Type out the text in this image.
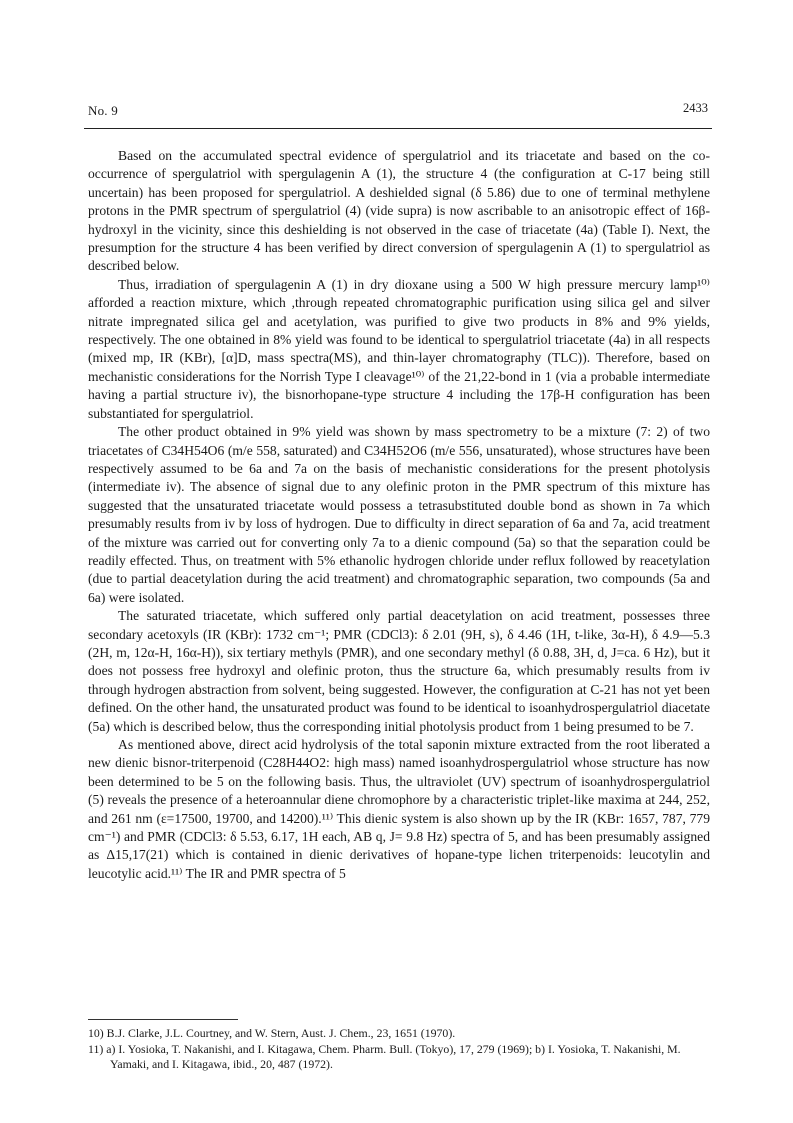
No. 9	2433

Based on the accumulated spectral evidence of spergulatriol and its triacetate and based on the co-occurrence of spergulatriol with spergulagenin A (1), the structure 4 (the configuration at C-17 being still uncertain) has been proposed for spergulatriol. A deshielded signal (δ 5.86) due to one of terminal methylene protons in the PMR spectrum of spergulatriol (4) (vide supra) is now ascribable to an anisotropic effect of 16β-hydroxyl in the vicinity, since this deshielding is not observed in the case of triacetate (4a) (Table I). Next, the presumption for the structure 4 has been verified by direct conversion of spergulagenin A (1) to spergulatriol as described below.

Thus, irradiation of spergulagenin A (1) in dry dioxane using a 500 W high pressure mercury lamp¹⁰⁾ afforded a reaction mixture, which ,through repeated chromatographic purification using silica gel and silver nitrate impregnated silica gel and acetylation, was purified to give two products in 8% and 9% yields, respectively. The one obtained in 8% yield was found to be identical to spergulatriol triacetate (4a) in all respects (mixed mp, IR (KBr), [α]D, mass spectra(MS), and thin-layer chromatography (TLC)). Therefore, based on mechanistic considerations for the Norrish Type I cleavage¹⁰⁾ of the 21,22-bond in 1 (via a probable intermediate having a partial structure iv), the bisnorhopane-type structure 4 including the 17β-H configuration has been substantiated for spergulatriol.

The other product obtained in 9% yield was shown by mass spectrometry to be a mixture (7: 2) of two triacetates of C34H54O6 (m/e 558, saturated) and C34H52O6 (m/e 556, unsaturated), whose structures have been respectively assumed to be 6a and 7a on the basis of mechanistic considerations for the present photolysis (intermediate iv). The absence of signal due to any olefinic proton in the PMR spectrum of this mixture has suggested that the unsaturated triacetate would possess a tetrasubstituted double bond as shown in 7a which presumably results from iv by loss of hydrogen. Due to difficulty in direct separation of 6a and 7a, acid treatment of the mixture was carried out for converting only 7a to a dienic compound (5a) so that the separation could be readily effected. Thus, on treatment with 5% ethanolic hydrogen chloride under reflux followed by reacetylation (due to partial deacetylation during the acid treatment) and chromatographic separation, two compounds (5a and 6a) were isolated.

The saturated triacetate, which suffered only partial deacetylation on acid treatment, possesses three secondary acetoxyls (IR (KBr): 1732 cm⁻¹; PMR (CDCl3): δ 2.01 (9H, s), δ 4.46 (1H, t-like, 3α-H), δ 4.9—5.3 (2H, m, 12α-H, 16α-H)), six tertiary methyls (PMR), and one secondary methyl (δ 0.88, 3H, d, J=ca. 6 Hz), but it does not possess free hydroxyl and olefinic proton, thus the structure 6a, which presumably results from iv through hydrogen abstraction from solvent, being suggested. However, the configuration at C-21 has not yet been defined. On the other hand, the unsaturated product was found to be identical to isoanhydrospergulatriol diacetate (5a) which is described below, thus the corresponding initial photolysis product from 1 being presumed to be 7.

As mentioned above, direct acid hydrolysis of the total saponin mixture extracted from the root liberated a new dienic bisnor-triterpenoid (C28H44O2: high mass) named isoanhydrospergulatriol whose structure has now been determined to be 5 on the following basis. Thus, the ultraviolet (UV) spectrum of isoanhydrospergulatriol (5) reveals the presence of a heteroannular diene chromophore by a characteristic triplet-like maxima at 244, 252, and 261 nm (ε=17500, 19700, and 14200).¹¹⁾ This dienic system is also shown up by the IR (KBr: 1657, 787, 779 cm⁻¹) and PMR (CDCl3: δ 5.53, 6.17, 1H each, AB q, J= 9.8 Hz) spectra of 5, and has been presumably assigned as Δ15,17(21) which is contained in dienic derivatives of hopane-type lichen triterpenoids: leucotylin and leucotylic acid.¹¹⁾ The IR and PMR spectra of 5

10) B.J. Clarke, J.L. Courtney, and W. Stern, Aust. J. Chem., 23, 1651 (1970).
11) a) I. Yosioka, T. Nakanishi, and I. Kitagawa, Chem. Pharm. Bull. (Tokyo), 17, 279 (1969); b) I. Yosioka, T. Nakanishi, M. Yamaki, and I. Kitagawa, ibid., 20, 487 (1972).
